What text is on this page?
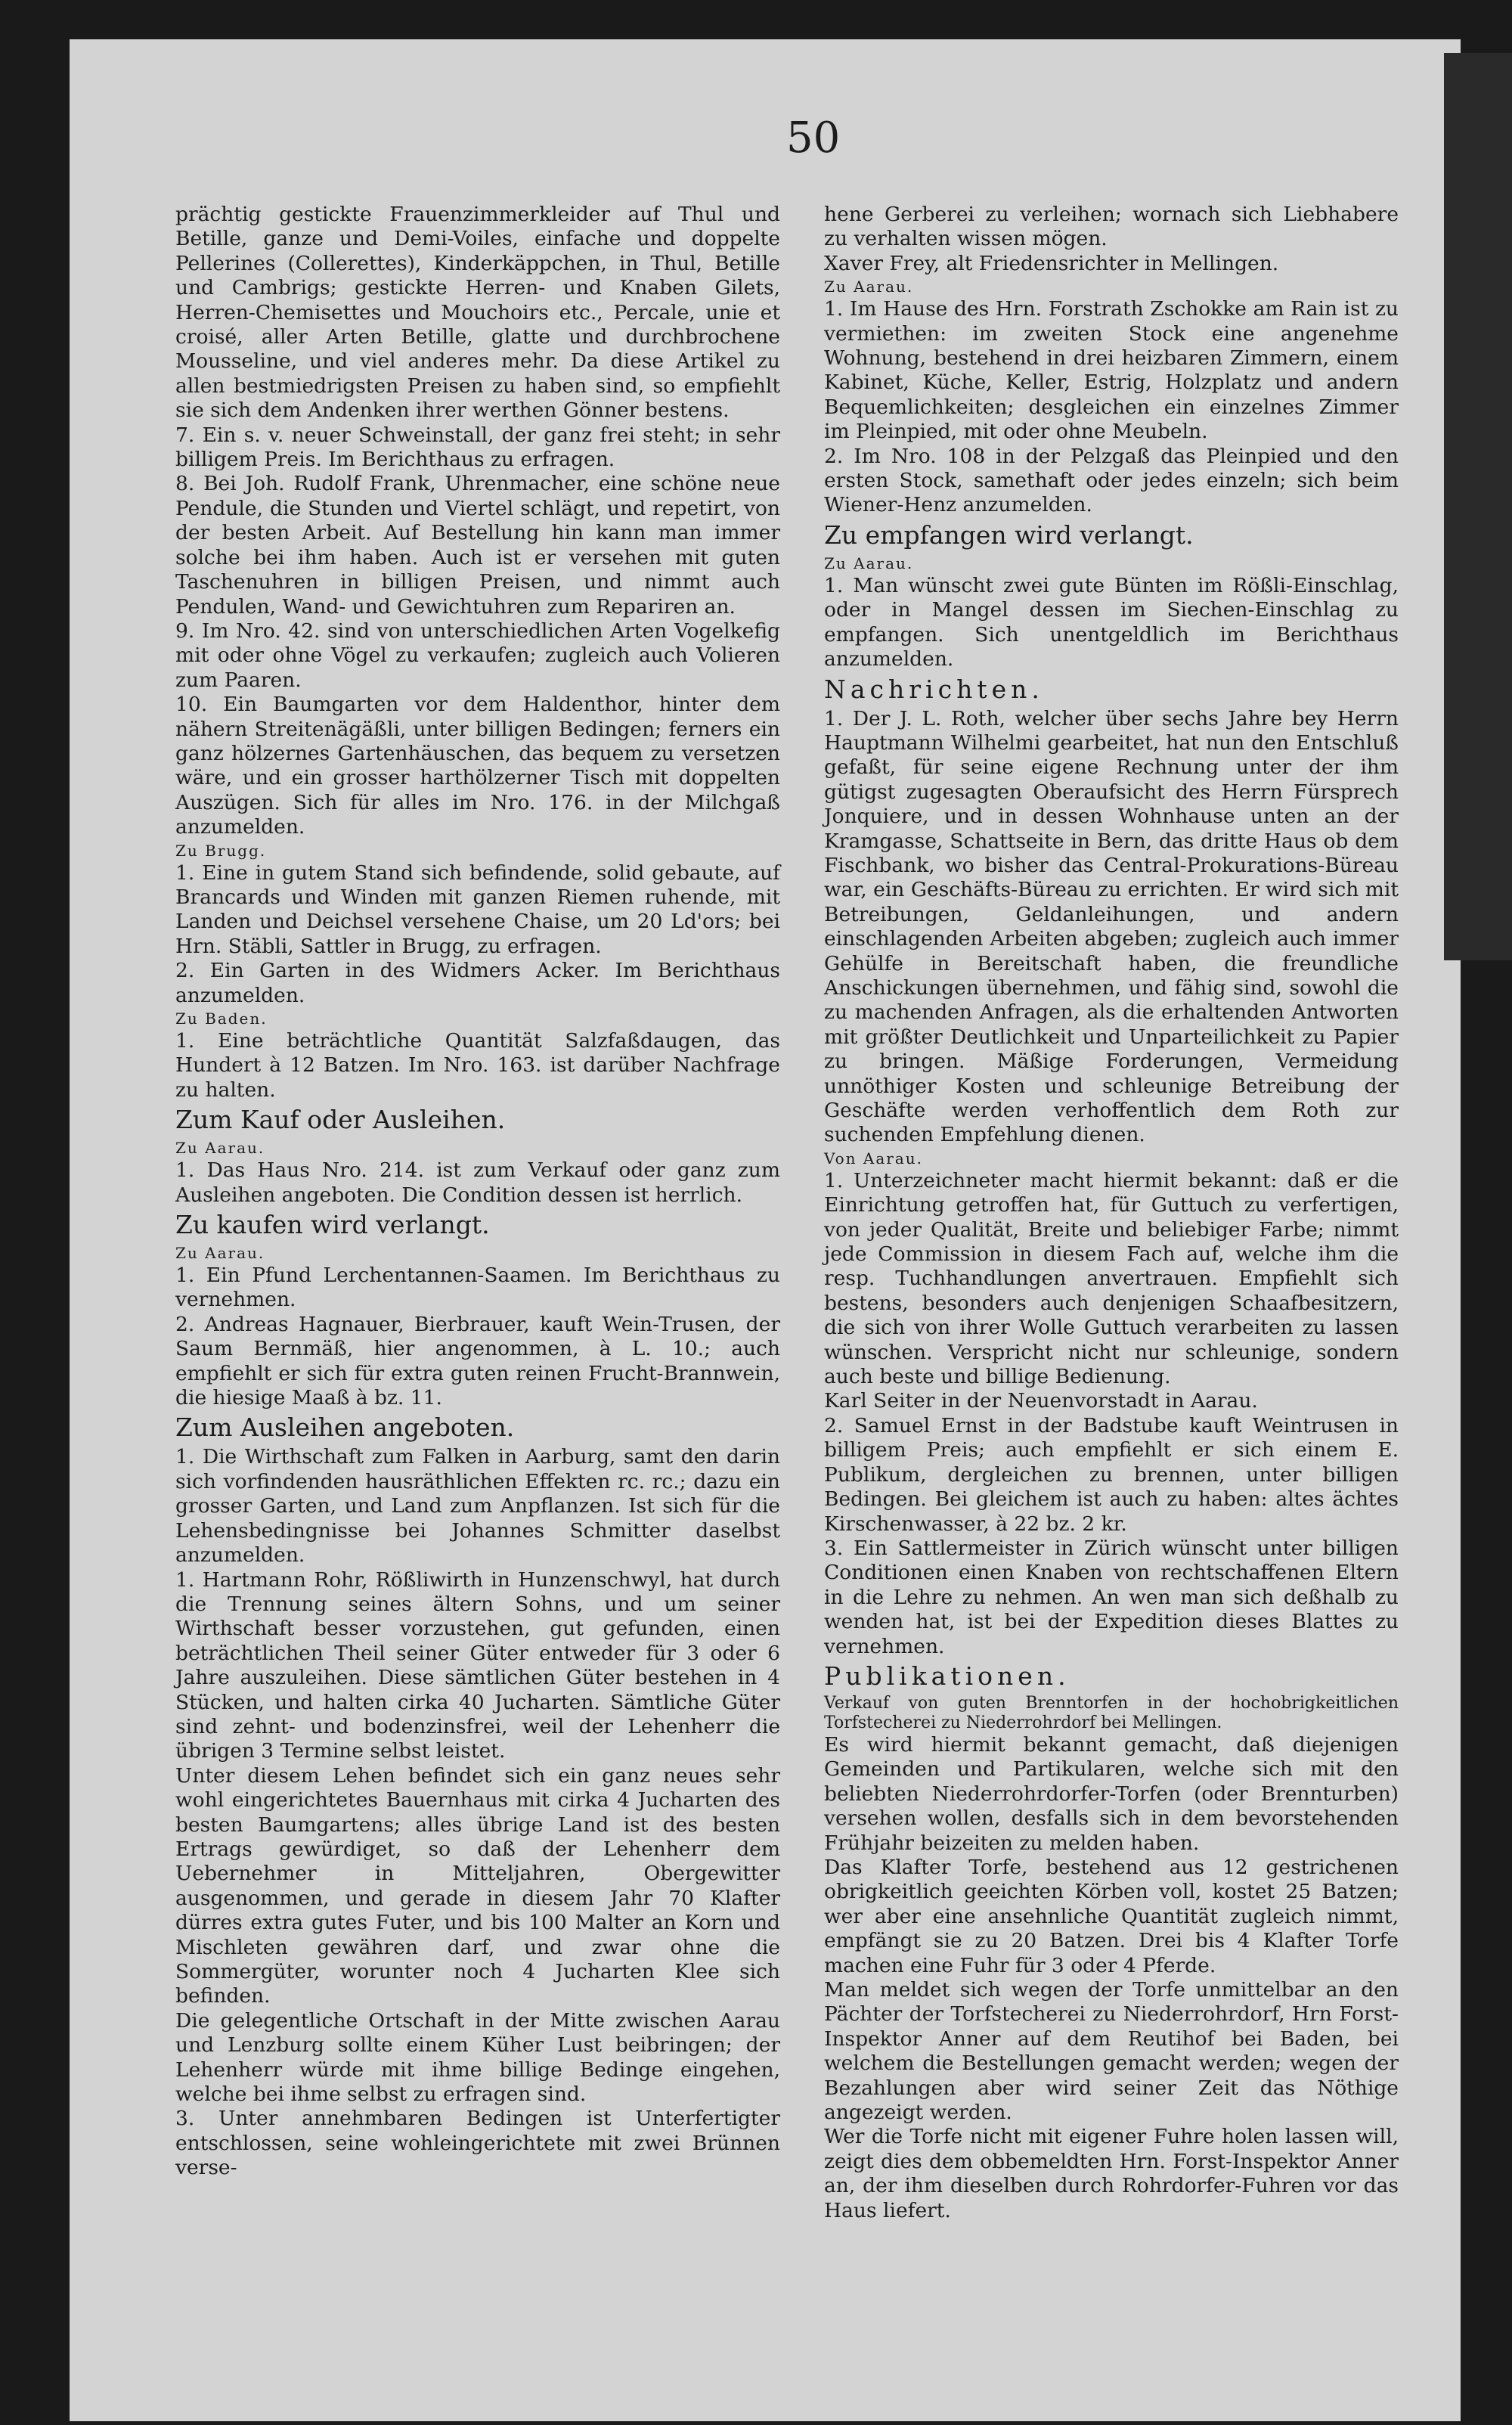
50

prächtig gestickte Frauenzimmerkleider auf Thul und Betille, ganze und Demi-Voiles, einfache und doppelte Pellerines (Collerettes), Kinderkäppchen, in Thul, Betille und Cambrigs; gestickte Herren- und Knaben Gilets, Herren-Chemisettes und Mouchoirs etc., Percale, unie et croisé, aller Arten Betille, glatte und durchbrochene Mousseline, und viel anderes mehr. Da diese Artikel zu allen bestmiedrigsten Preisen zu haben sind, so empfiehlt sie sich dem Andenken ihrer werthen Gönner bestens.

7. Ein s. v. neuer Schweinstall, der ganz frei steht; in sehr billigem Preis. Im Berichthaus zu erfragen.

8. Bei Joh. Rudolf Frank, Uhrenmacher, eine schöne neue Pendule, die Stunden und Viertel schlägt, und repetirt, von der besten Arbeit. Auf Bestellung hin kann man immer solche bei ihm haben. Auch ist er versehen mit guten Taschenuhren in billigen Preisen, und nimmt auch Pendulen, Wand- und Gewichtuhren zum Repariren an.

9. Im Nro. 42. sind von unterschiedlichen Arten Vogelkefig mit oder ohne Vögel zu verkaufen; zugleich auch Volieren zum Paaren.

10. Ein Baumgarten vor dem Haldenthor, hinter dem nähern Streitenägäßli, unter billigen Bedingen; ferners ein ganz hölzernes Gartenhäuschen, das bequem zu versetzen wäre, und ein grosser harthölzerner Tisch mit doppelten Auszügen. Sich für alles im Nro. 176. in der Milchgaß anzumelden.

Zu Brugg.

1. Eine in gutem Stand sich befindende, solid gebaute, auf Brancards und Winden mit ganzen Riemen ruhende, mit Landen und Deichsel versehene Chaise, um 20 Ld'ors; bei Hrn. Stäbli, Sattler in Brugg, zu erfragen.

2. Ein Garten in des Widmers Acker. Im Berichthaus anzumelden.

Zu Baden.

1. Eine beträchtliche Quantität Salzfaßdaugen, das Hundert à 12 Batzen. Im Nro. 163. ist darüber Nachfrage zu halten.

Zum Kauf oder Ausleihen.

Zu Aarau.

1. Das Haus Nro. 214. ist zum Verkauf oder ganz zum Ausleihen angeboten. Die Condition dessen ist herrlich.

Zu kaufen wird verlangt.

Zu Aarau.

1. Ein Pfund Lerchentannen-Saamen. Im Berichthaus zu vernehmen.

2. Andreas Hagnauer, Bierbrauer, kauft Wein-Trusen, der Saum Bernmäß, hier angenommen, à L. 10.; auch empfiehlt er sich für extra guten reinen Frucht-Brannwein, die hiesige Maaß à bz. 11.

Zum Ausleihen angeboten.

1. Die Wirthschaft zum Falken in Aarburg, samt den darin sich vorfindenden hausräthlichen Effekten rc. rc.; dazu ein grosser Garten, und Land zum Anpflanzen. Ist sich für die Lehensbedingnisse bei Johannes Schmitter daselbst anzumelden.

1. Hartmann Rohr, Rößliwirth in Hunzenschwyl, hat durch die Trennung seines ältern Sohns, und um seiner Wirthschaft besser vorzustehen, gut gefunden, einen beträchtlichen Theil seiner Güter entweder für 3 oder 6 Jahre auszuleihen. Diese sämtlichen Güter bestehen in 4 Stücken, und halten cirka 40 Jucharten. Sämtliche Güter sind zehnt- und bodenzinsfrei, weil der Lehenherr die übrigen 3 Termine selbst leistet.

Unter diesem Lehen befindet sich ein ganz neues sehr wohl eingerichtetes Bauernhaus mit cirka 4 Jucharten des besten Baumgartens; alles übrige Land ist des besten Ertrags gewürdiget, so daß der Lehenherr dem Uebernehmer in Mitteljahren, Obergewitter ausgenommen, und gerade in diesem Jahr 70 Klafter dürres extra gutes Futer, und bis 100 Malter an Korn und Mischleten gewähren darf, und zwar ohne die Sommergüter, worunter noch 4 Jucharten Klee sich befinden.

Die gelegentliche Ortschaft in der Mitte zwischen Aarau und Lenzburg sollte einem Küher Lust beibringen; der Lehenherr würde mit ihme billige Bedinge eingehen, welche bei ihme selbst zu erfragen sind.

3. Unter annehmbaren Bedingen ist Unterfertigter entschlossen, seine wohleingerichtete mit zwei Brünnen verse-

hene Gerberei zu verleihen; wornach sich Liebhabere zu verhalten wissen mögen.

Xaver Frey, alt Friedensrichter in Mellingen.

Zu Aarau.

1. Im Hause des Hrn. Forstrath Zschokke am Rain ist zu vermiethen: im zweiten Stock eine angenehme Wohnung, bestehend in drei heizbaren Zimmern, einem Kabinet, Küche, Keller, Estrig, Holzplatz und andern Bequemlichkeiten; desgleichen ein einzelnes Zimmer im Pleinpied, mit oder ohne Meubeln.

2. Im Nro. 108 in der Pelzgaß das Pleinpied und den ersten Stock, samethaft oder jedes einzeln; sich beim Wiener-Henz anzumelden.

Zu empfangen wird verlangt.

Zu Aarau.

1. Man wünscht zwei gute Bünten im Rößli-Einschlag, oder in Mangel dessen im Siechen-Einschlag zu empfangen. Sich unentgeldlich im Berichthaus anzumelden.

Nachrichten.

1. Der J. L. Roth, welcher über sechs Jahre bey Herrn Hauptmann Wilhelmi gearbeitet, hat nun den Entschluß gefaßt, für seine eigene Rechnung unter der ihm gütigst zugesagten Oberaufsicht des Herrn Fürsprech Jonquiere, und in dessen Wohnhause unten an der Kramgasse, Schattseite in Bern, das dritte Haus ob dem Fischbank, wo bisher das Central-Prokurations-Büreau war, ein Geschäfts-Büreau zu errichten. Er wird sich mit Betreibungen, Geldanleihungen, und andern einschlagenden Arbeiten abgeben; zugleich auch immer Gehülfe in Bereitschaft haben, die freundliche Anschickungen übernehmen, und fähig sind, sowohl die zu machenden Anfragen, als die erhaltenden Antworten mit größter Deutlichkeit und Unparteilichkeit zu Papier zu bringen. Mäßige Forderungen, Vermeidung unnöthiger Kosten und schleunige Betreibung der Geschäfte werden verhoffentlich dem Roth zur suchenden Empfehlung dienen.

Von Aarau.

1. Unterzeichneter macht hiermit bekannt: daß er die Einrichtung getroffen hat, für Guttuch zu verfertigen, von jeder Qualität, Breite und beliebiger Farbe; nimmt jede Commission in diesem Fach auf, welche ihm die resp. Tuchhandlungen anvertrauen. Empfiehlt sich bestens, besonders auch denjenigen Schaafbesitzern, die sich von ihrer Wolle Guttuch verarbeiten zu lassen wünschen. Verspricht nicht nur schleunige, sondern auch beste und billige Bedienung.

Karl Seiter in der Neuenvorstadt in Aarau.

2. Samuel Ernst in der Badstube kauft Weintrusen in billigem Preis; auch empfiehlt er sich einem E. Publikum, dergleichen zu brennen, unter billigen Bedingen. Bei gleichem ist auch zu haben: altes ächtes Kirschenwasser, à 22 bz. 2 kr.

3. Ein Sattlermeister in Zürich wünscht unter billigen Conditionen einen Knaben von rechtschaffenen Eltern in die Lehre zu nehmen. An wen man sich deßhalb zu wenden hat, ist bei der Expedition dieses Blattes zu vernehmen.

Publikationen.

Verkauf von guten Brenntorfen in der hochobrigkeitlichen Torfstecherei zu Niederrohrdorf bei Mellingen.

Es wird hiermit bekannt gemacht, daß diejenigen Gemeinden und Partikularen, welche sich mit den beliebten Niederrohrdorfer-Torfen (oder Brennturben) versehen wollen, desfalls sich in dem bevorstehenden Frühjahr beizeiten zu melden haben.

Das Klafter Torfe, bestehend aus 12 gestrichenen obrigkeitlich geeichten Körben voll, kostet 25 Batzen; wer aber eine ansehnliche Quantität zugleich nimmt, empfängt sie zu 20 Batzen. Drei bis 4 Klafter Torfe machen eine Fuhr für 3 oder 4 Pferde.

Man meldet sich wegen der Torfe unmittelbar an den Pächter der Torfstecherei zu Niederrohrdorf, Hrn Forst-Inspektor Anner auf dem Reutihof bei Baden, bei welchem die Bestellungen gemacht werden; wegen der Bezahlungen aber wird seiner Zeit das Nöthige angezeigt werden.

Wer die Torfe nicht mit eigener Fuhre holen lassen will, zeigt dies dem obbemeldten Hrn. Forst-Inspektor Anner an, der ihm dieselben durch Rohrdorfer-Fuhren vor das Haus liefert.
